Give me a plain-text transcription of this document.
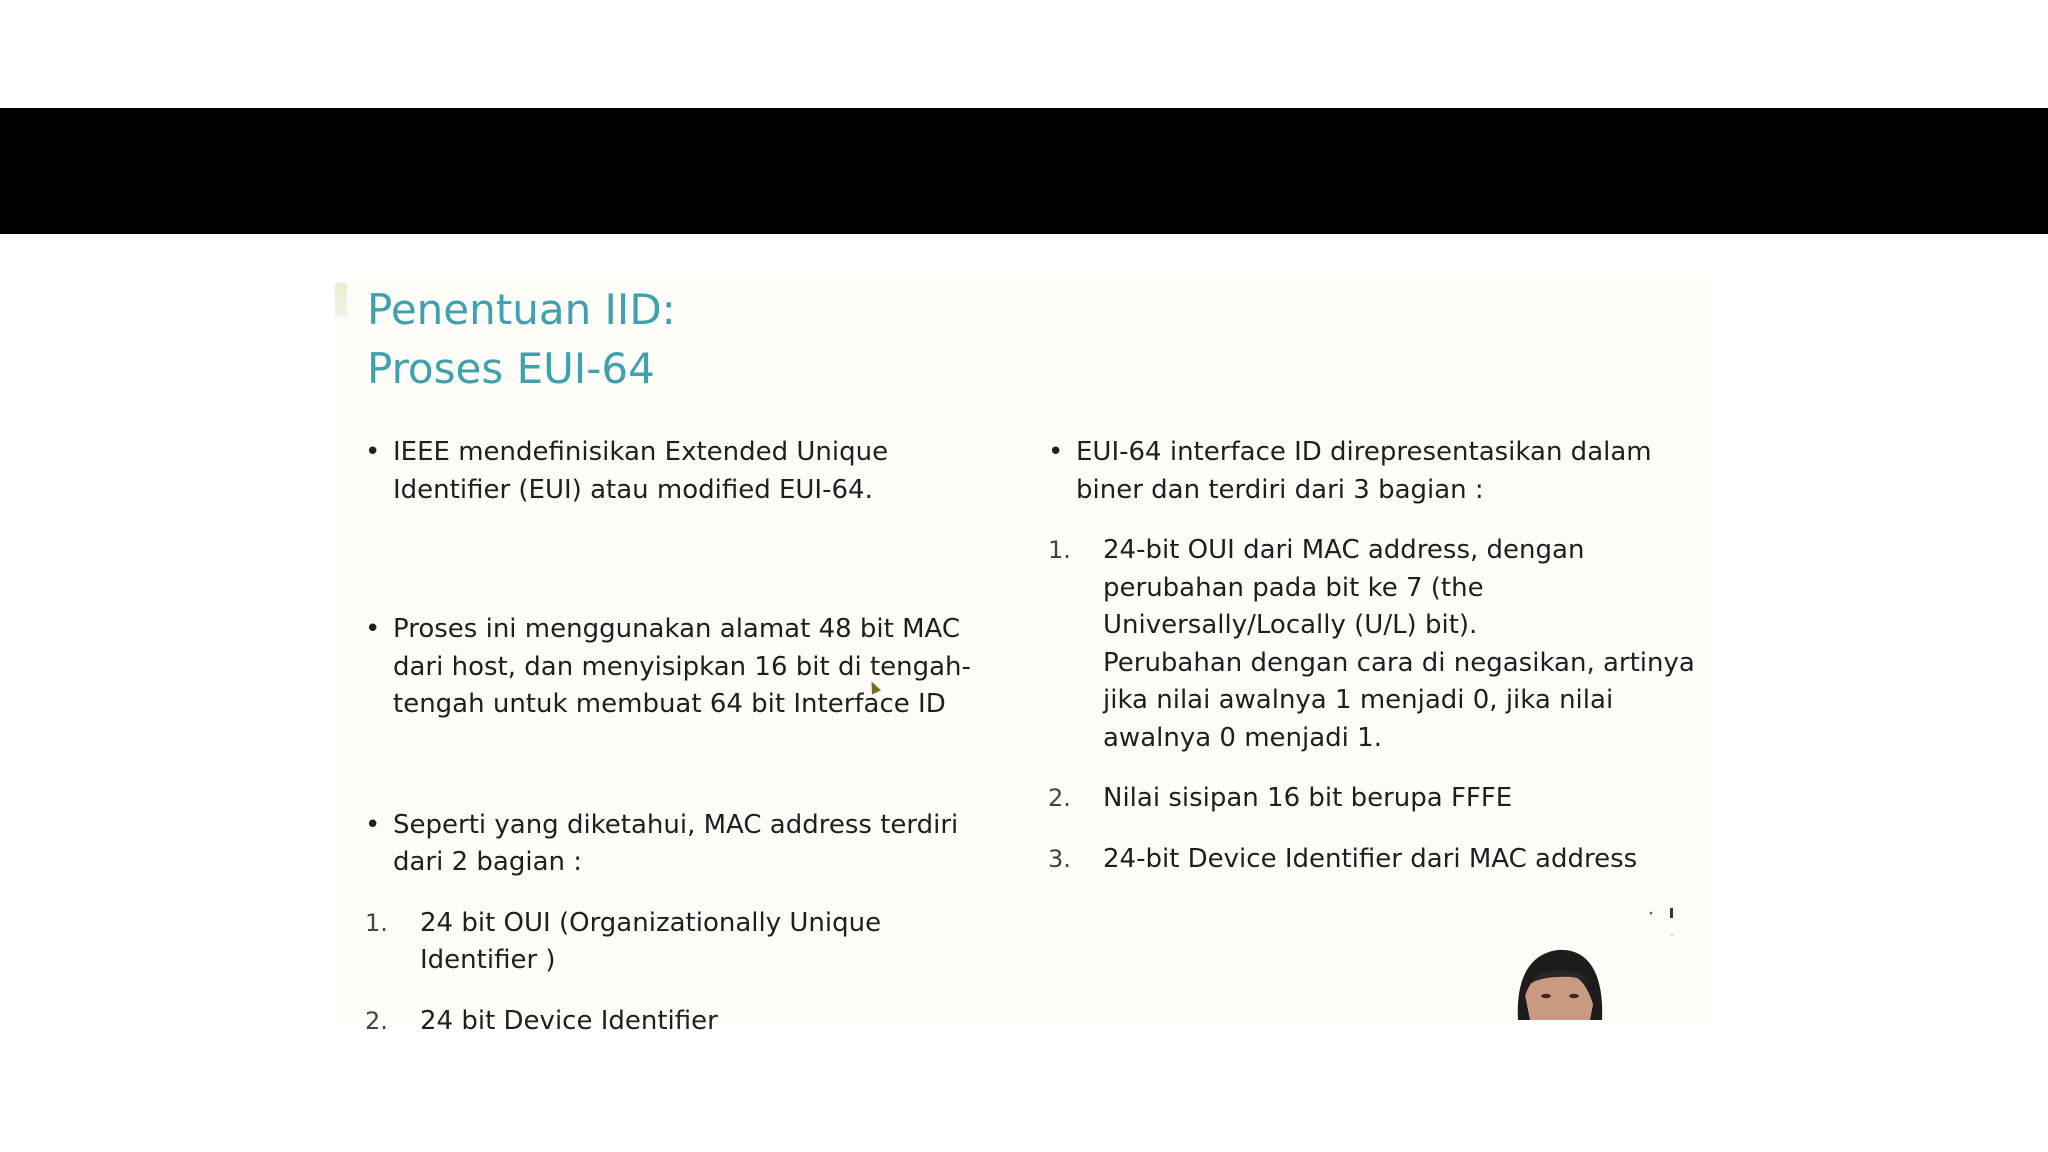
Penentuan IID:
Proses EUI-64
• IEEE mendefinisikan Extended Unique Identifier (EUI) atau modified EUI-64.
• Proses ini menggunakan alamat 48 bit MAC dari host, dan menyisipkan 16 bit di tengah-tengah untuk membuat 64 bit Interface ID
• Seperti yang diketahui, MAC address terdiri dari 2 bagian :
1. 24 bit OUI (Organizationally Unique Identifier )
2. 24 bit Device Identifier
• EUI-64 interface ID direpresentasikan dalam biner dan terdiri dari 3 bagian :
1. 24-bit OUI dari MAC address, dengan perubahan pada bit ke 7 (the Universally/Locally (U/L) bit).
Perubahan dengan cara di negasikan, artinya jika nilai awalnya 1 menjadi 0, jika nilai awalnya 0 menjadi 1.
2. Nilai sisipan 16 bit berupa FFFE
3. 24-bit Device Identifier dari MAC address
